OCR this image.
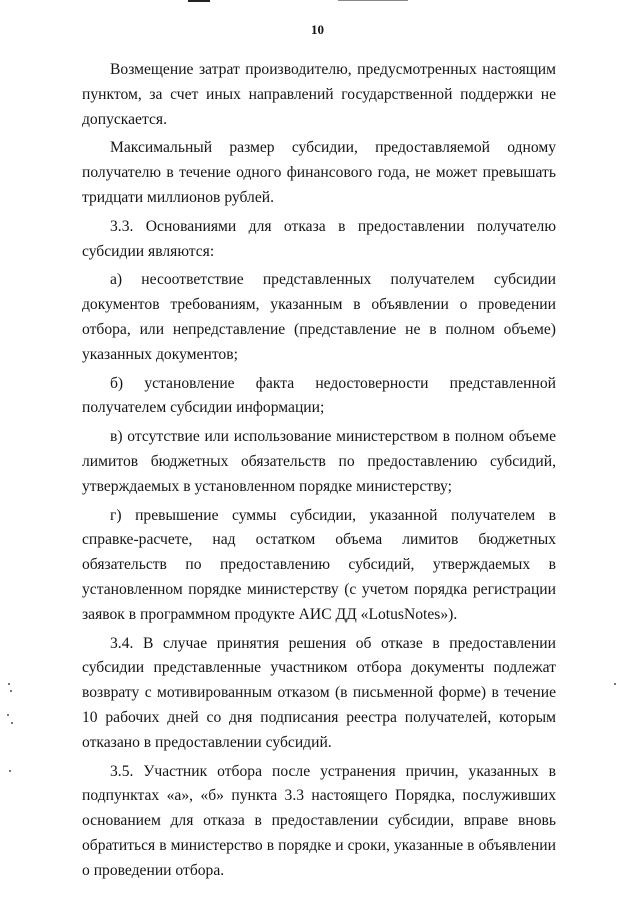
10

Возмещение затрат производителю, предусмотренных настоящим пунктом, за счет иных направлений государственной поддержки не допускается.

Максимальный размер субсидии, предоставляемой одному получателю в течение одного финансового года, не может превышать тридцати миллионов рублей.

3.3. Основаниями для отказа в предоставлении получателю субсидии являются:

а) несоответствие представленных получателем субсидии документов требованиям, указанным в объявлении о проведении отбора, или непредставление (представление не в полном объеме) указанных документов;

б) установление факта недостоверности представленной получателем субсидии информации;

в) отсутствие или использование министерством в полном объеме лимитов бюджетных обязательств по предоставлению субсидий, утверждаемых в установленном порядке министерству;

г) превышение суммы субсидии, указанной получателем в справке-расчете, над остатком объема лимитов бюджетных обязательств по предоставлению субсидий, утверждаемых в установленном порядке министерству (с учетом порядка регистрации заявок в программном продукте АИС ДД «LotusNotes»).

3.4. В случае принятия решения об отказе в предоставлении субсидии представленные участником отбора документы подлежат возврату с мотивированным отказом (в письменной форме) в течение 10 рабочих дней со дня подписания реестра получателей, которым отказано в предоставлении субсидий.

3.5. Участник отбора после устранения причин, указанных в подпунктах «а», «б» пункта 3.3 настоящего Порядка, послуживших основанием для отказа в предоставлении субсидии, вправе вновь обратиться в министерство в порядке и сроки, указанные в объявлении о проведении отбора.
